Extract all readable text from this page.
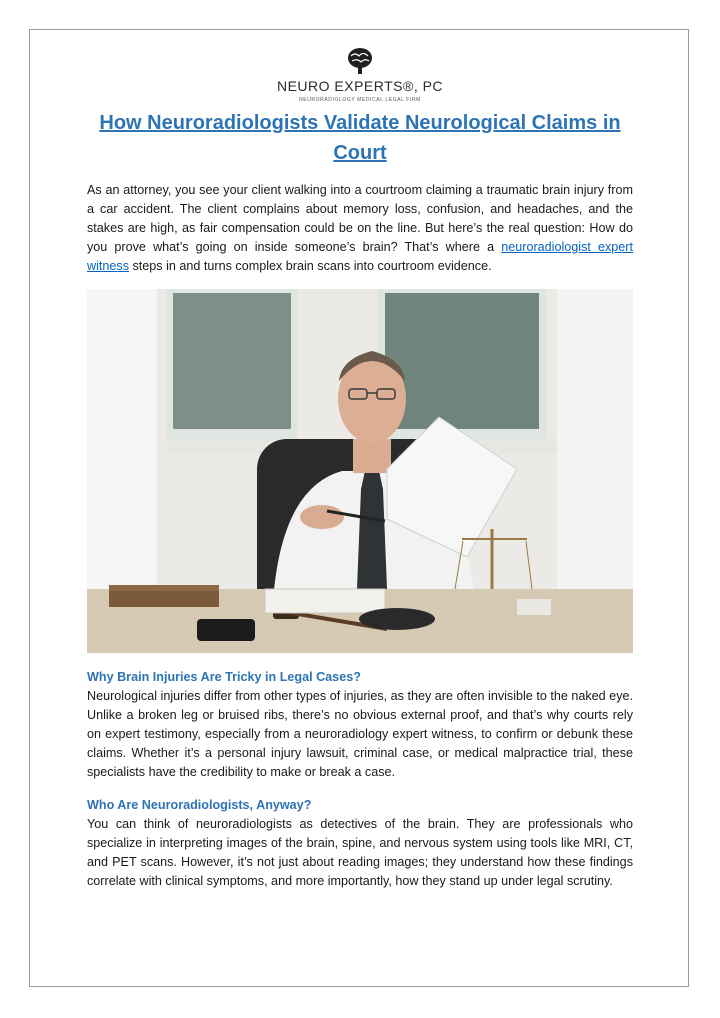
NEURO EXPERTS®, PC
NEURORADIOLOGY MEDICAL LEGAL FIRM
How Neuroradiologists Validate Neurological Claims in Court

As an attorney, you see your client walking into a courtroom claiming a traumatic brain injury from a car accident. The client complains about memory loss, confusion, and headaches, and the stakes are high, as fair compensation could be on the line. But here’s the real question: How do you prove what’s going on inside someone’s brain? That’s where a neuroradiologist expert witness steps in and turns complex brain scans into courtroom evidence.

Why Brain Injuries Are Tricky in Legal Cases?

Neurological injuries differ from other types of injuries, as they are often invisible to the naked eye. Unlike a broken leg or bruised ribs, there’s no obvious external proof, and that’s why courts rely on expert testimony, especially from a neuroradiology expert witness, to confirm or debunk these claims. Whether it’s a personal injury lawsuit, criminal case, or medical malpractice trial, these specialists have the credibility to make or break a case.

Who Are Neuroradiologists, Anyway?

You can think of neuroradiologists as detectives of the brain. They are professionals who specialize in interpreting images of the brain, spine, and nervous system using tools like MRI, CT, and PET scans. However, it’s not just about reading images; they understand how these findings correlate with clinical symptoms, and more importantly, how they stand up under legal scrutiny.
